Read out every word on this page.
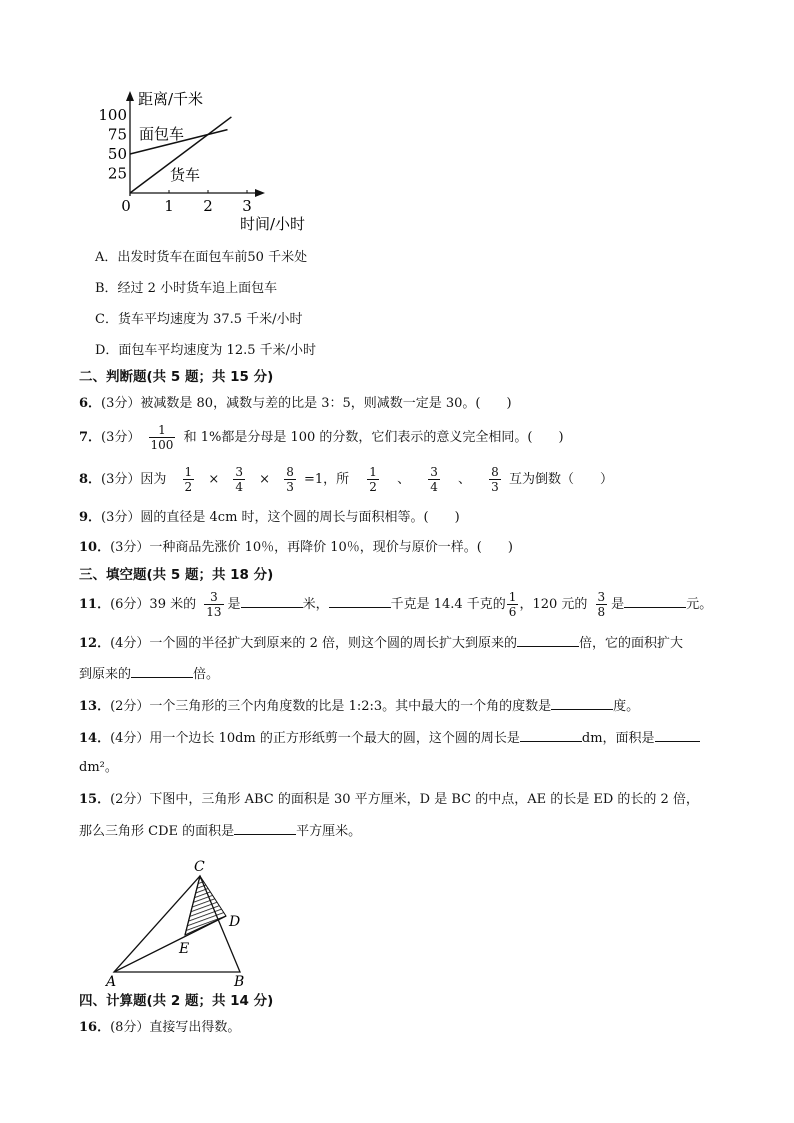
距离/千米
时间/小时
100
75
50
25
0 1 2 3
面包车
货车
A．出发时货车在面包车前50 千米处
B．经过 2 小时货车追上面包车
C．货车平均速度为 37.5 千米/小时
D．面包车平均速度为 12.5 千米/小时
二、判断题(共 5 题；共 15 分)
6．(3分）被减数是 80，减数与差的比是 3：5，则减数一定是 30。(　　)
7．(3分） $\frac{1}{100}$ 和 1%都是分母是 100 的分数，它们表示的意义完全相同。(　　)
8．(3分）因为 $\frac{1}{2} \times \frac{3}{4} \times \frac{8}{3} =1$，所 $\frac{1}{2}$ 、 $\frac{3}{4}$ 、 $\frac{8}{3}$ 互为倒数（　　）
9．(3分）圆的直径是 4cm 时，这个圆的周长与面积相等。(　　)
10．(3分）一种商品先涨价 10％，再降价 10％，现价与原价一样。(　　)
三、填空题(共 5 题；共 18 分)
11．(6分）39 米的 $\frac{3}{13}$ 是	米，	千克是 14.4 千克的 $\frac{1}{6}$ ，120 元的 $\frac{3}{8}$ 是	元。
12．(4分）一个圆的半径扩大到原来的 2 倍，则这个圆的周长扩大到原来的	倍，它的面积扩大
到原来的	倍。
13．(2分）一个三角形的三个内角度数的比是 1:2:3。其中最大的一个角的度数是	度。
14．(4分）用一个边长 10dm 的正方形纸剪一个最大的圆，这个圆的周长是	dm，面积是
dm²。
15．(2分）下图中，三角形 ABC 的面积是 30 平方厘米，D 是 BC 的中点，AE 的长是 ED 的长的 2 倍，
那么三角形 CDE 的面积是	平方厘米。
C
D
E
A	B
四、计算题(共 2 题；共 14 分)
16．(8分）直接写出得数。
